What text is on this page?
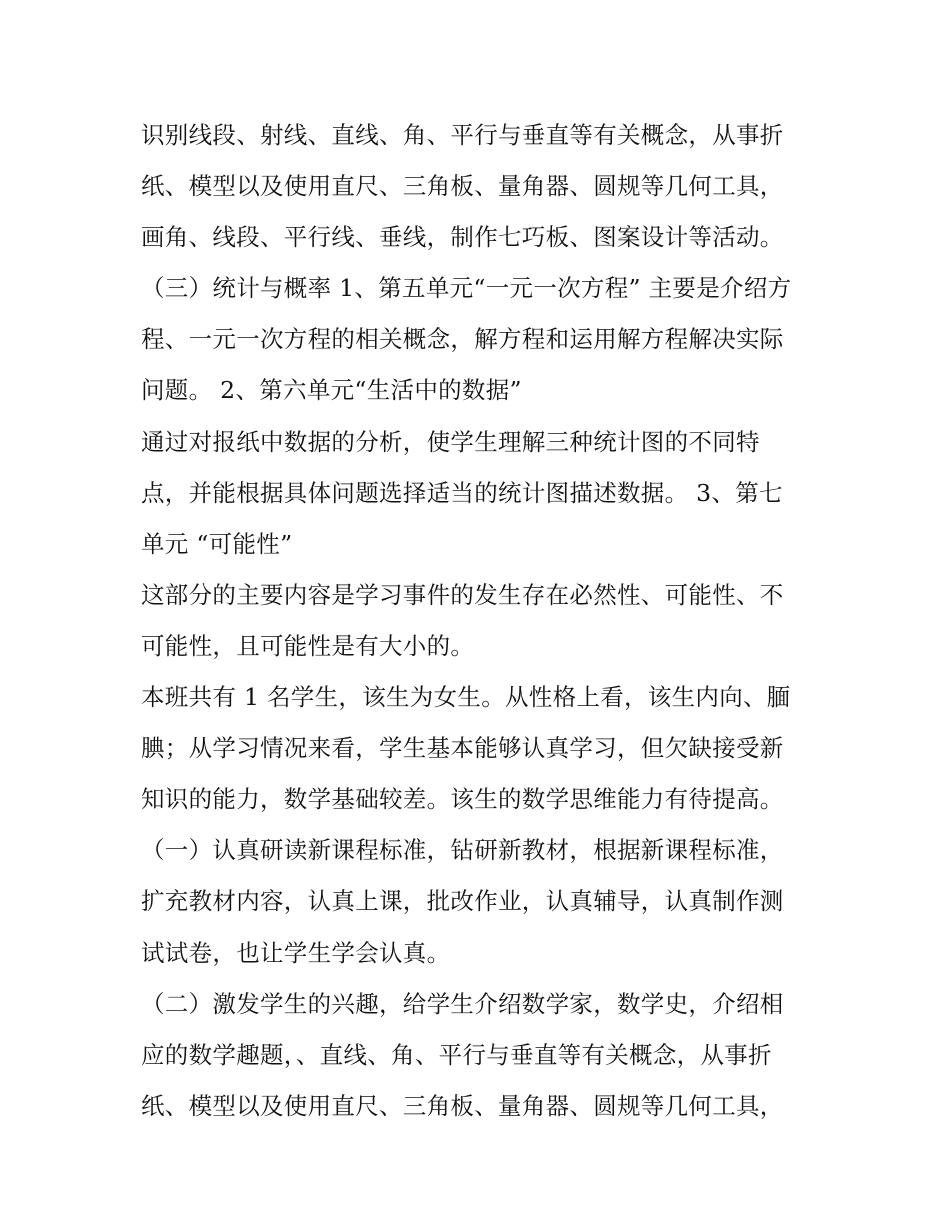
识别线段、射线、直线、角、平行与垂直等有关概念，从事折
纸、模型以及使用直尺、三角板、量角器、圆规等几何工具，
画角、线段、平行线、垂线，制作七巧板、图案设计等活动。
（三）统计与概率 1、第五单元“一元一次方程” 主要是介绍方
程、一元一次方程的相关概念，解方程和运用解方程解决实际
问题。 2、第六单元“生活中的数据”
通过对报纸中数据的分析，使学生理解三种统计图的不同特
点，并能根据具体问题选择适当的统计图描述数据。 3、第七
单元 “可能性”
这部分的主要内容是学习事件的发生存在必然性、可能性、不
可能性，且可能性是有大小的。
本班共有 1 名学生，该生为女生。从性格上看，该生内向、腼
腆；从学习情况来看，学生基本能够认真学习，但欠缺接受新
知识的能力，数学基础较差。该生的数学思维能力有待提高。
（一）认真研读新课程标准，钻研新教材，根据新课程标准，
扩充教材内容，认真上课，批改作业，认真辅导，认真制作测
试试卷，也让学生学会认真。
（二）激发学生的兴趣，给学生介绍数学家，数学史，介绍相
应的数学趣题，、直线、角、平行与垂直等有关概念，从事折
纸、模型以及使用直尺、三角板、量角器、圆规等几何工具，
